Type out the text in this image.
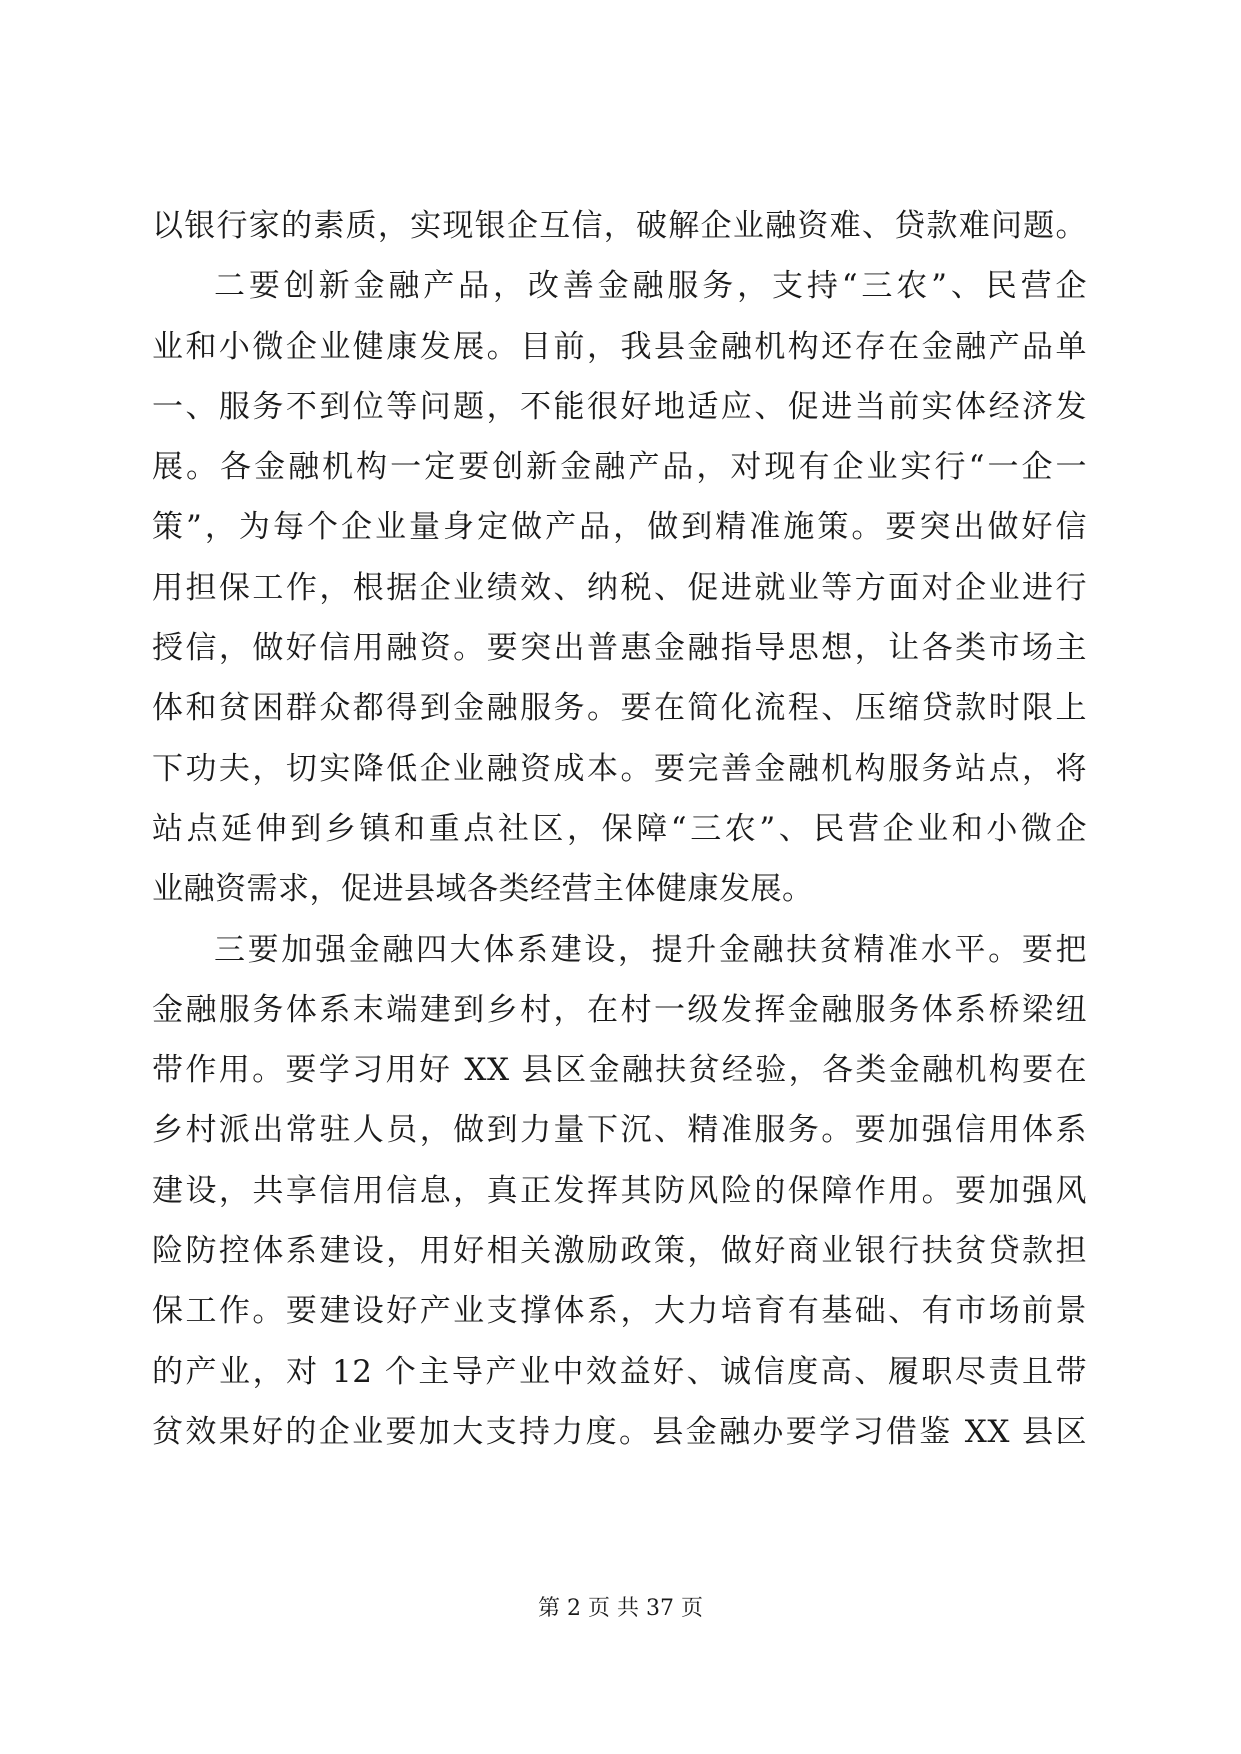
以银行家的素质，实现银企互信，破解企业融资难、贷款难问题。
二要创新金融产品，改善金融服务，支持“三农”、民营企
业和小微企业健康发展。目前，我县金融机构还存在金融产品单
一、服务不到位等问题，不能很好地适应、促进当前实体经济发
展。各金融机构一定要创新金融产品，对现有企业实行“一企一
策”，为每个企业量身定做产品，做到精准施策。要突出做好信
用担保工作，根据企业绩效、纳税、促进就业等方面对企业进行
授信，做好信用融资。要突出普惠金融指导思想，让各类市场主
体和贫困群众都得到金融服务。要在简化流程、压缩贷款时限上
下功夫，切实降低企业融资成本。要完善金融机构服务站点，将
站点延伸到乡镇和重点社区，保障“三农”、民营企业和小微企
业融资需求，促进县域各类经营主体健康发展。
三要加强金融四大体系建设，提升金融扶贫精准水平。要把
金融服务体系末端建到乡村，在村一级发挥金融服务体系桥梁纽
带作用。要学习用好 XX 县区金融扶贫经验，各类金融机构要在
乡村派出常驻人员，做到力量下沉、精准服务。要加强信用体系
建设，共享信用信息，真正发挥其防风险的保障作用。要加强风
险防控体系建设，用好相关激励政策，做好商业银行扶贫贷款担
保工作。要建设好产业支撑体系，大力培育有基础、有市场前景
的产业，对 12 个主导产业中效益好、诚信度高、履职尽责且带
贫效果好的企业要加大支持力度。县金融办要学习借鉴 XX 县区
第 2 页 共 37 页
